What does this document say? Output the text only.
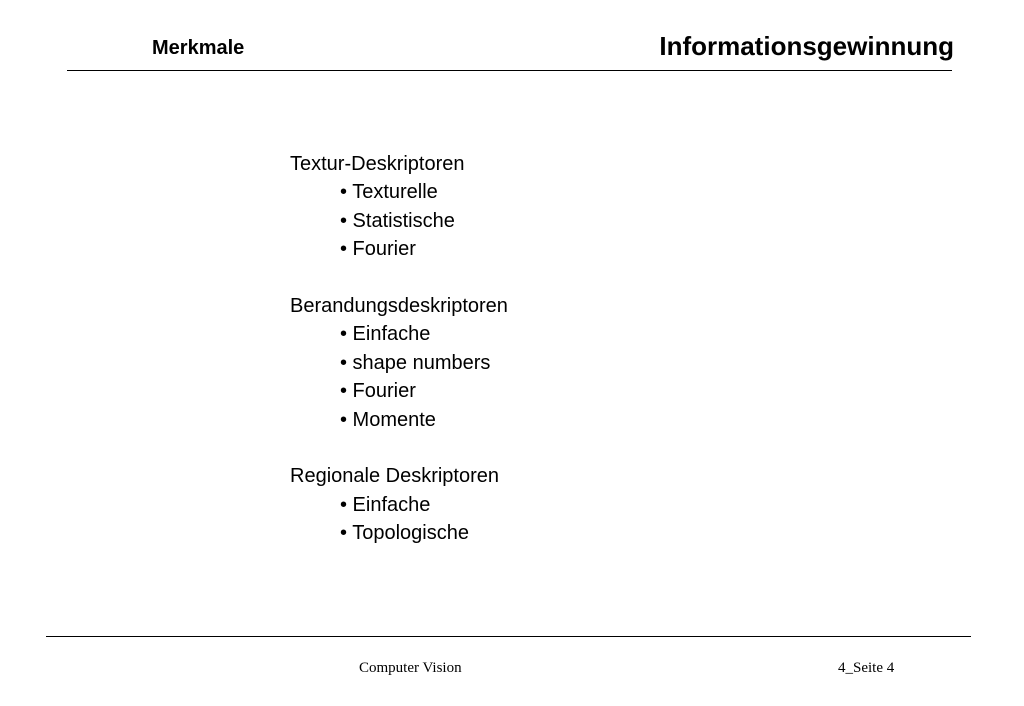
Merkmale	Informationsgewinnung
Textur-Deskriptoren
• Texturelle
• Statistische
• Fourier
Berandungsdeskriptoren
• Einfache
• shape numbers
• Fourier
• Momente
Regionale Deskriptoren
• Einfache
• Topologische
Computer Vision	4_Seite 4
